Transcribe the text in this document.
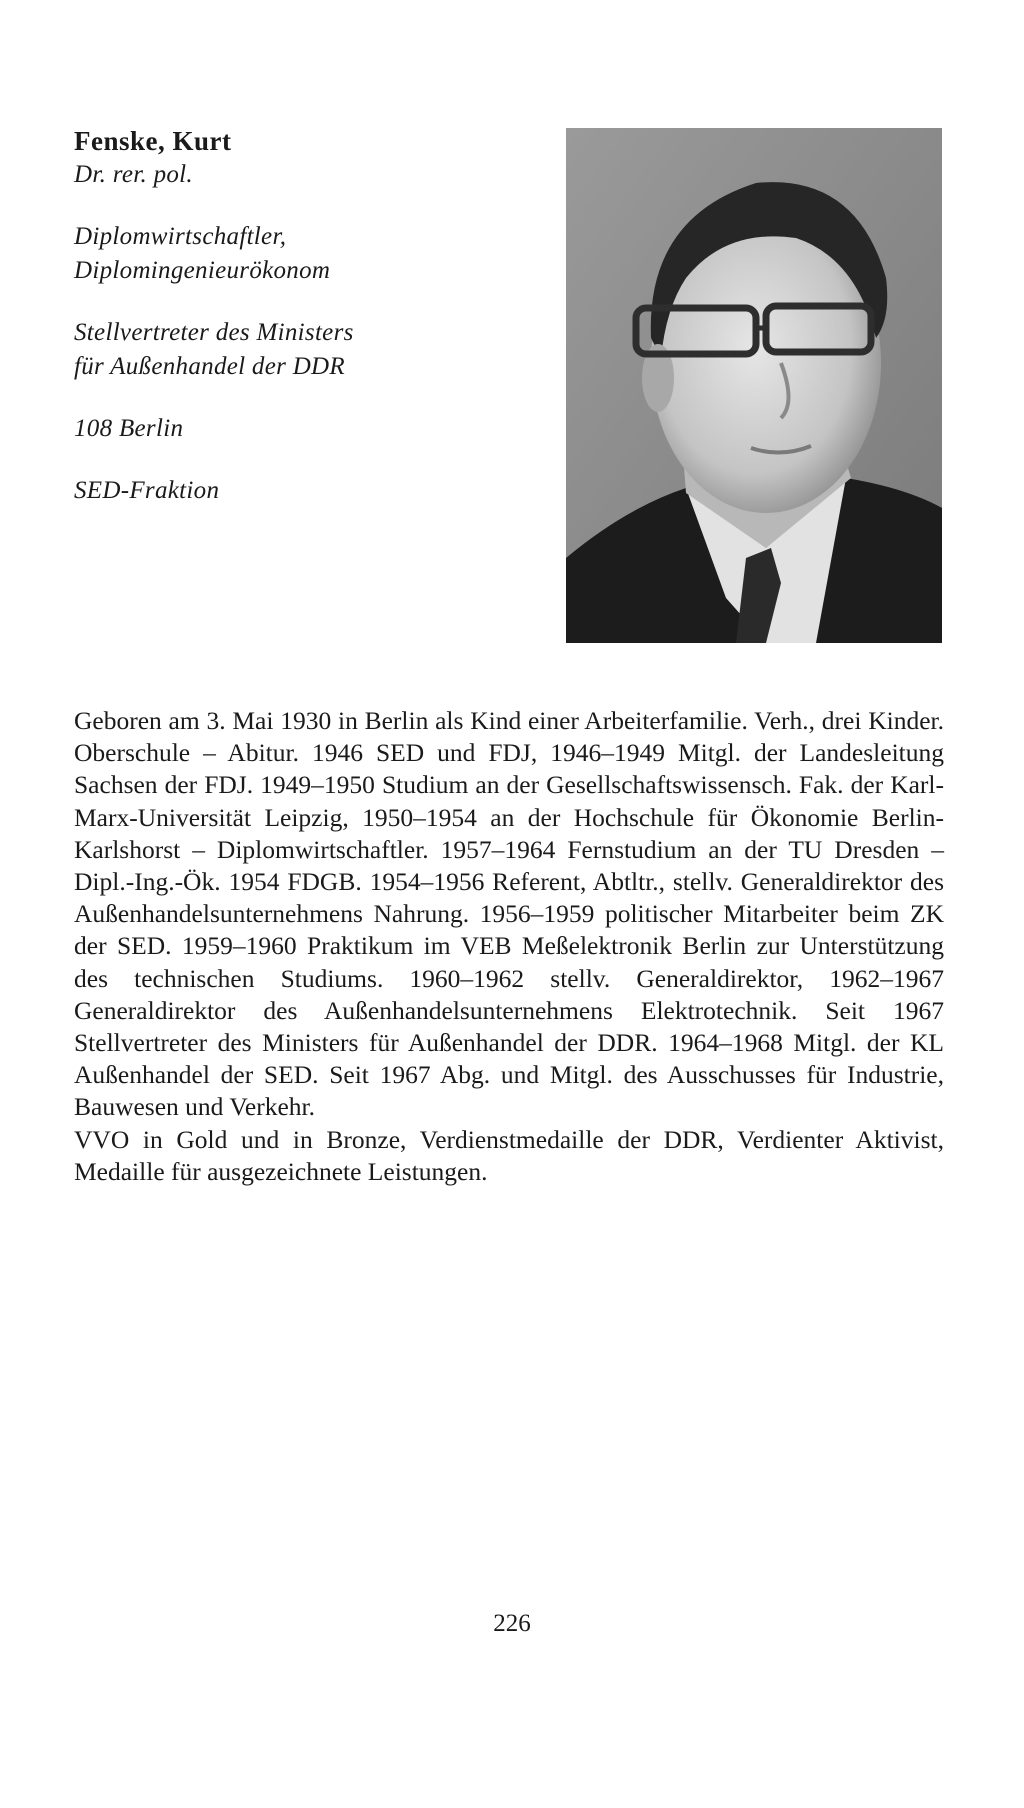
Fenske, Kurt

Dr. rer. pol.

Diplomwirtschaftler,

Diplomingenieurökonom

Stellvertreter des Ministers

für Außenhandel der DDR

108 Berlin

SED-Fraktion

Geboren am 3. Mai 1930 in Berlin als Kind einer Arbeiterfamilie. Verh., drei Kinder. Oberschule – Abitur. 1946 SED und FDJ, 1946–1949 Mitgl. der Landesleitung Sachsen der FDJ. 1949–1950 Studium an der Gesellschaftswissensch. Fak. der Karl-Marx-Universität Leipzig, 1950–1954 an der Hochschule für Ökonomie Berlin-Karlshorst – Diplomwirtschaftler. 1957–1964 Fernstudium an der TU Dresden – Dipl.-Ing.-Ök. 1954 FDGB. 1954–1956 Referent, Abtltr., stellv. Generaldirektor des Außenhandelsunternehmens Nahrung. 1956–1959 politischer Mitarbeiter beim ZK der SED. 1959–1960 Praktikum im VEB Meßelektronik Berlin zur Unterstützung des technischen Studiums. 1960–1962 stellv. Generaldirektor, 1962–1967 Generaldirektor des Außenhandelsunternehmens Elektrotechnik. Seit 1967 Stellvertreter des Ministers für Außenhandel der DDR. 1964–1968 Mitgl. der KL Außenhandel der SED. Seit 1967 Abg. und Mitgl. des Ausschusses für Industrie, Bauwesen und Verkehr.

VVO in Gold und in Bronze, Verdienstmedaille der DDR, Verdienter Aktivist, Medaille für ausgezeichnete Leistungen.

226
